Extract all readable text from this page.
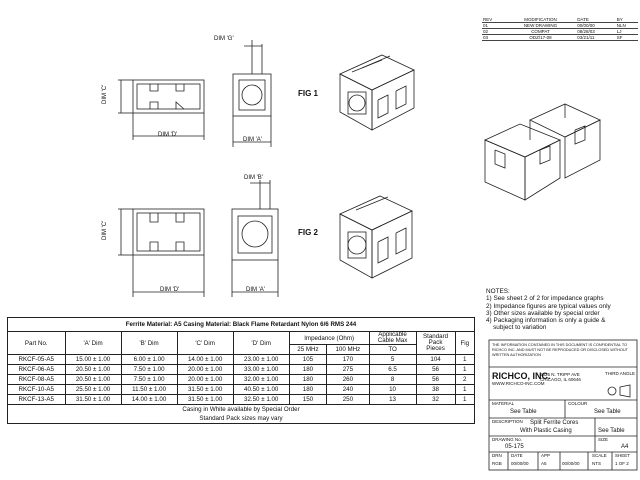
REV	MODIFICATION	DATE	BY
01	NEW DRAWING	00/00/00	NLN
02	COMPAT	08/28/03	LJ
03	ODZ/17-08	03/21/11	SF
DIM 'G'
DIM 'C'
DIM 'D'
DIM 'A'
FIG 1
DIM 'B'
DIM 'C'
DIM 'D'	DIM 'A'
FIG 2
NOTES:
1) See sheet 2 of 2 for impedance graphs
2) Impedance figures are typical values only
3) Other sizes available by special order
4) Packaging information is only a guide &
subject to variation
Ferrite Material: A5 Casing Material: Black Flame Retardant Nylon 6/6 RMS 244									
Part No.	'A' Dim	'B' Dim	'C' Dim	'D' Dim	Impedance (Ohm)		Applicable Cable Max	Standard Pack Pieces	Fig
					25 MHz	100 MHz	TO		
RKCF-05-A5	15.00 ± 1.00	6.00 ± 1.00	14.00 ± 1.00	23.00 ± 1.00	105	170	5	104	1
RKCF-06-A5	20.50 ± 1.00	7.50 ± 1.00	20.00 ± 1.00	33.00 ± 1.00	180	275	6.5	56	1
RKCF-08-A5	20.50 ± 1.00	7.50 ± 1.00	20.00 ± 1.00	32.00 ± 1.00	180	260	8	56	2
RKCF-10-A5	25.50 ± 1.00	11.50 ± 1.00	31.50 ± 1.00	40.50 ± 1.00	180	240	10	38	1
RKCF-13-A5	31.50 ± 1.00	14.00 ± 1.00	31.50 ± 1.00	32.50 ± 1.00	150	250	13	32	1
Casing in White available by Special Order									
Standard Pack sizes may vary									
THE INFORMATION CONTAINED IN THIS DOCUMENT IS CONFIDENTIAL TO RICHCO INC. AND MUST NOT BE REPRODUCED OR DISCLOSED WITHOUT WRITTEN AUTHORIZATION
RICHCO, INC.
WWW.RICHCO-INC.COM
5825 N. TRIPP AVE CHICAGO, IL 60646
THIRD ANGLE
MATERIAL
See Table
COLOUR
See Table
DESCRIPTION Split Ferrite Cores
With Plastic Casing	See Table
DRAWING No.
05-175
SIZE
A4
DRN
RGB
DATE
00/00/00
APP
A5	00/00/00
SCALE
NTS
SHEET
1 OF 2
